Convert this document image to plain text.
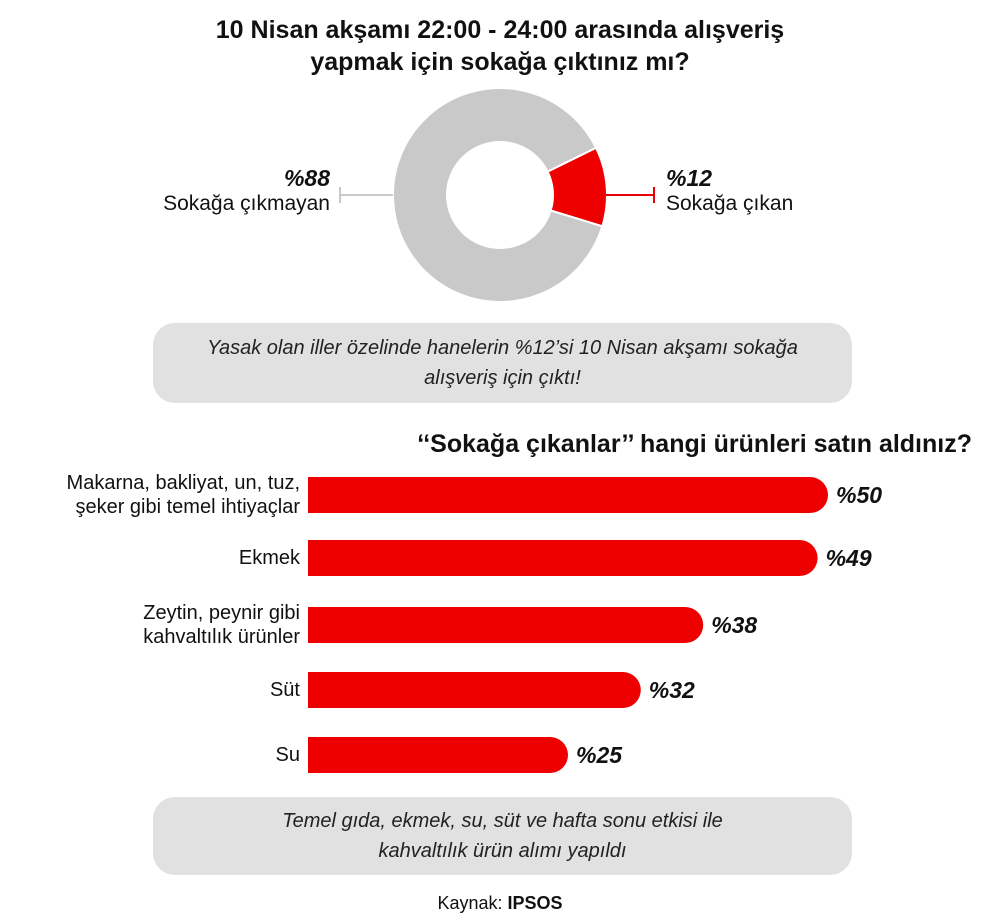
10 Nisan akşamı 22:00 - 24:00 arasında alışveriş
yapmak için sokağa çıktınız mı?
%88
Sokağa çıkmayan
%12
Sokağa çıkan
Yasak olan iller özelinde hanelerin %12’si 10 Nisan akşamı sokağa
alışveriş için çıktı!
‘‘Sokağa çıkanlar’’ hangi ürünleri satın aldınız?
%50
Makarna, bakliyat, un, tuz,
şeker gibi temel ihtiyaçlar
%49
Ekmek
%38
Zeytin, peynir gibi
kahvaltılık ürünler
%32
Süt
%25
Su
Temel gıda, ekmek, su, süt ve hafta sonu etkisi ile
kahvaltılık ürün alımı yapıldı
Kaynak: IPSOS
